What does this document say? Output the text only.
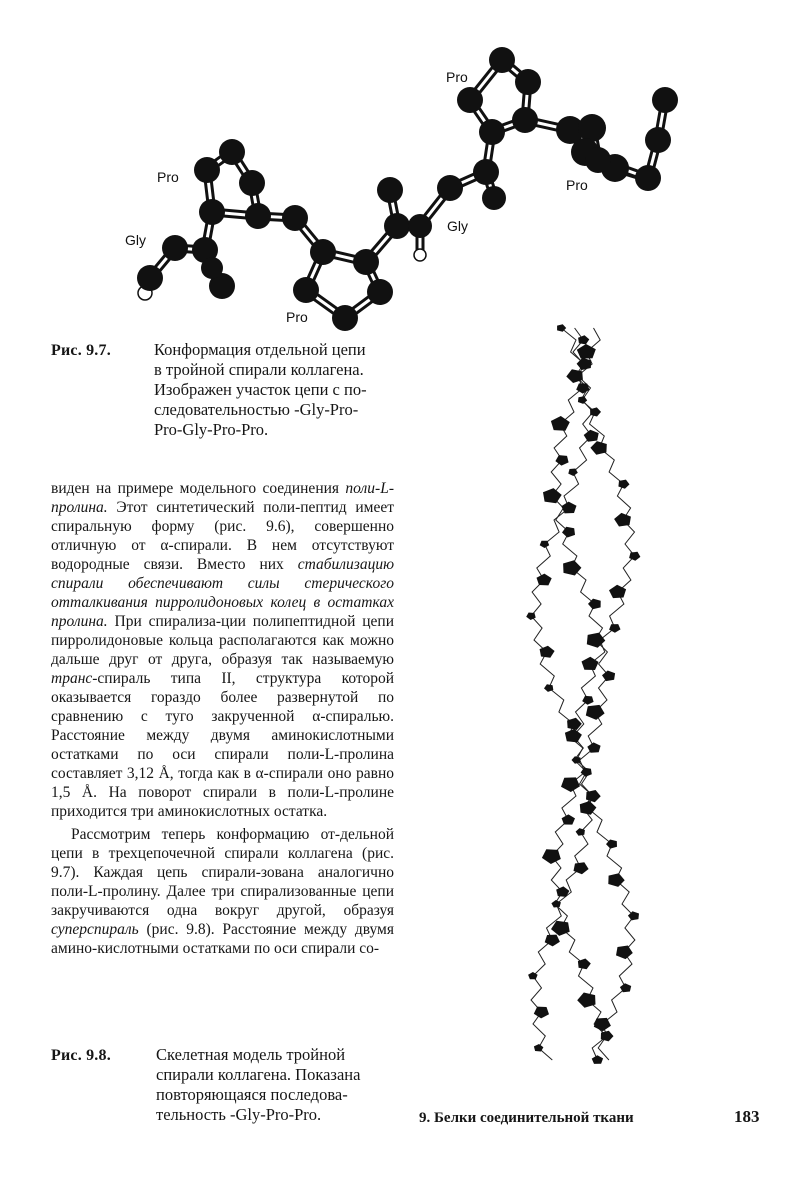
Pro
Gly
Pro
Gly
Pro
Pro
Рис. 9.7.	Конформация отдельной цепи
в тройной спирали коллагена.
Изображен участок цепи с по-
следовательностью -Gly-Pro-
Pro-Gly-Pro-Pro.

виден на примере модельного соединения поли-L-пролина. Этот синтетический поли-пептид имеет спиральную форму (рис. 9.6), совершенно отличную от α-спирали. В нем отсутствуют водородные связи. Вместо них стабилизацию спирали обеспечивают силы стерического отталкивания пирролидоновых колец в остатках пролина. При спирализа-ции полипептидной цепи пирролидоновые кольца располагаются как можно дальше друг от друга, образуя так называемую транс-спираль типа II, структура которой оказывается гораздо более развернутой по сравнению с туго закрученной α-спиралью. Расстояние между двумя аминокислотными остатками по оси спирали поли-L-пролина составляет 3,12 Å, тогда как в α-спирали оно равно 1,5 Å. На поворот спирали в поли-L-пролине приходится три аминокислотных остатка.

Рассмотрим теперь конформацию от-дельной цепи в трехцепочечной спирали коллагена (рис. 9.7). Каждая цепь спирали-зована аналогично поли-L-пролину. Далее три спирализованные цепи закручиваются одна вокруг другой, образуя суперспираль (рис. 9.8). Расстояние между двумя амино-кислотными остатками по оси спирали со-

Рис. 9.8.	Скелетная модель тройной
спирали коллагена. Показана
повторяющаяся последова-
тельность -Gly-Pro-Pro.	9. Белки соединительной ткани	183
